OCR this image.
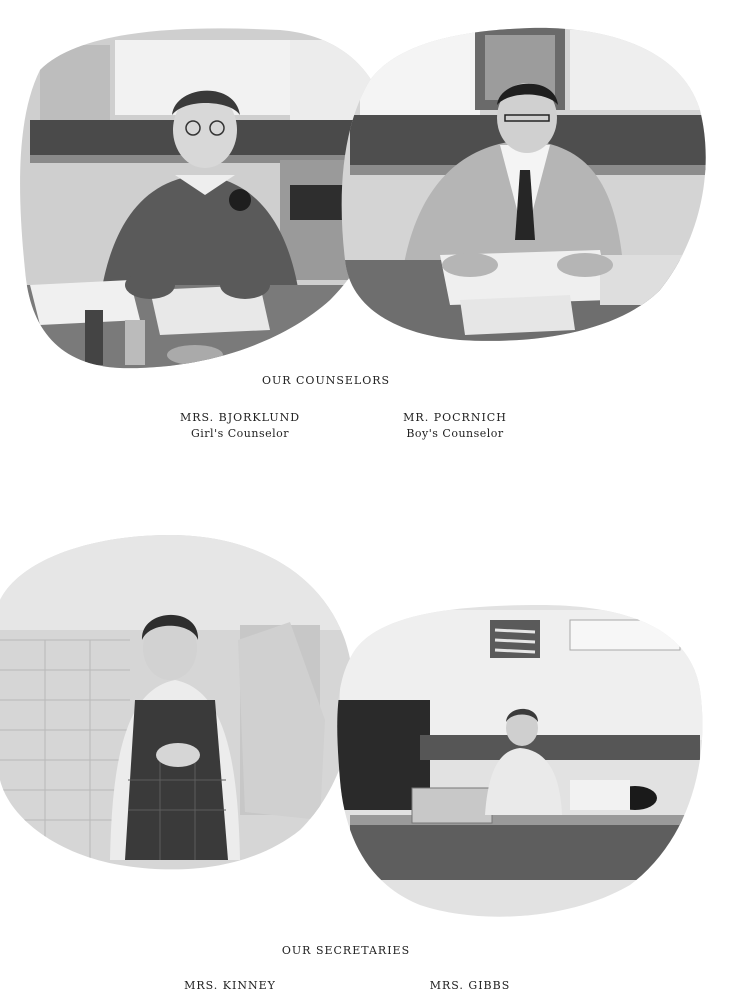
OUR COUNSELORS
MRS. BJORKLUND
Girl's Counselor
MR. POCRNICH
Boy's Counselor
OUR SECRETARIES
MRS. KINNEY	MRS. GIBBS
